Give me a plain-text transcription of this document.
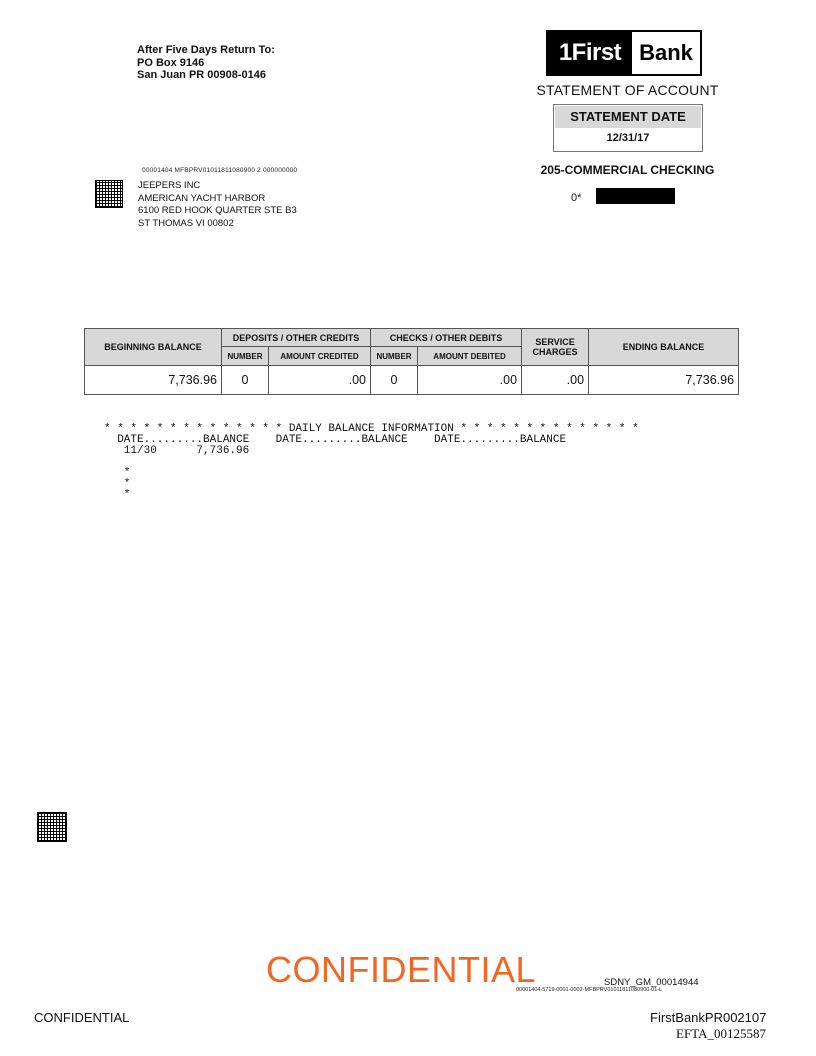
After Five Days Return To:
PO Box 9146
San Juan PR 00908-0146
1First Bank
STATEMENT OF ACCOUNT
STATEMENT DATE
12/31/17
00001404 MFBPRV01011811080900 2 000000000	205-COMMERCIAL CHECKING
0*
JEEPERS INC
AMERICAN YACHT HARBOR
6100 RED HOOK QUARTER STE B3
ST THOMAS VI 00802
BEGINNING BALANCE	DEPOSITS / OTHER CREDITS		CHECKS / OTHER DEBITS		SERVICE CHARGES	ENDING BALANCE
	NUMBER	AMOUNT CREDITED	NUMBER	AMOUNT DEBITED		
7,736.96	0	.00	0	.00	.00	7,736.96
* * * * * * * * * * * * * * DAILY BALANCE INFORMATION * * * * * * * * * * * * * *
DATE.........BALANCE    DATE.........BALANCE    DATE.........BALANCE
11/30      7,736.96
*
*
*
CONFIDENTIAL	SDNY_GM_00014944
00001404-5719-0001-0002-MFBPRV01011811080900-01-L
CONFIDENTIAL	FirstBankPR002107
EFTA_00125587
